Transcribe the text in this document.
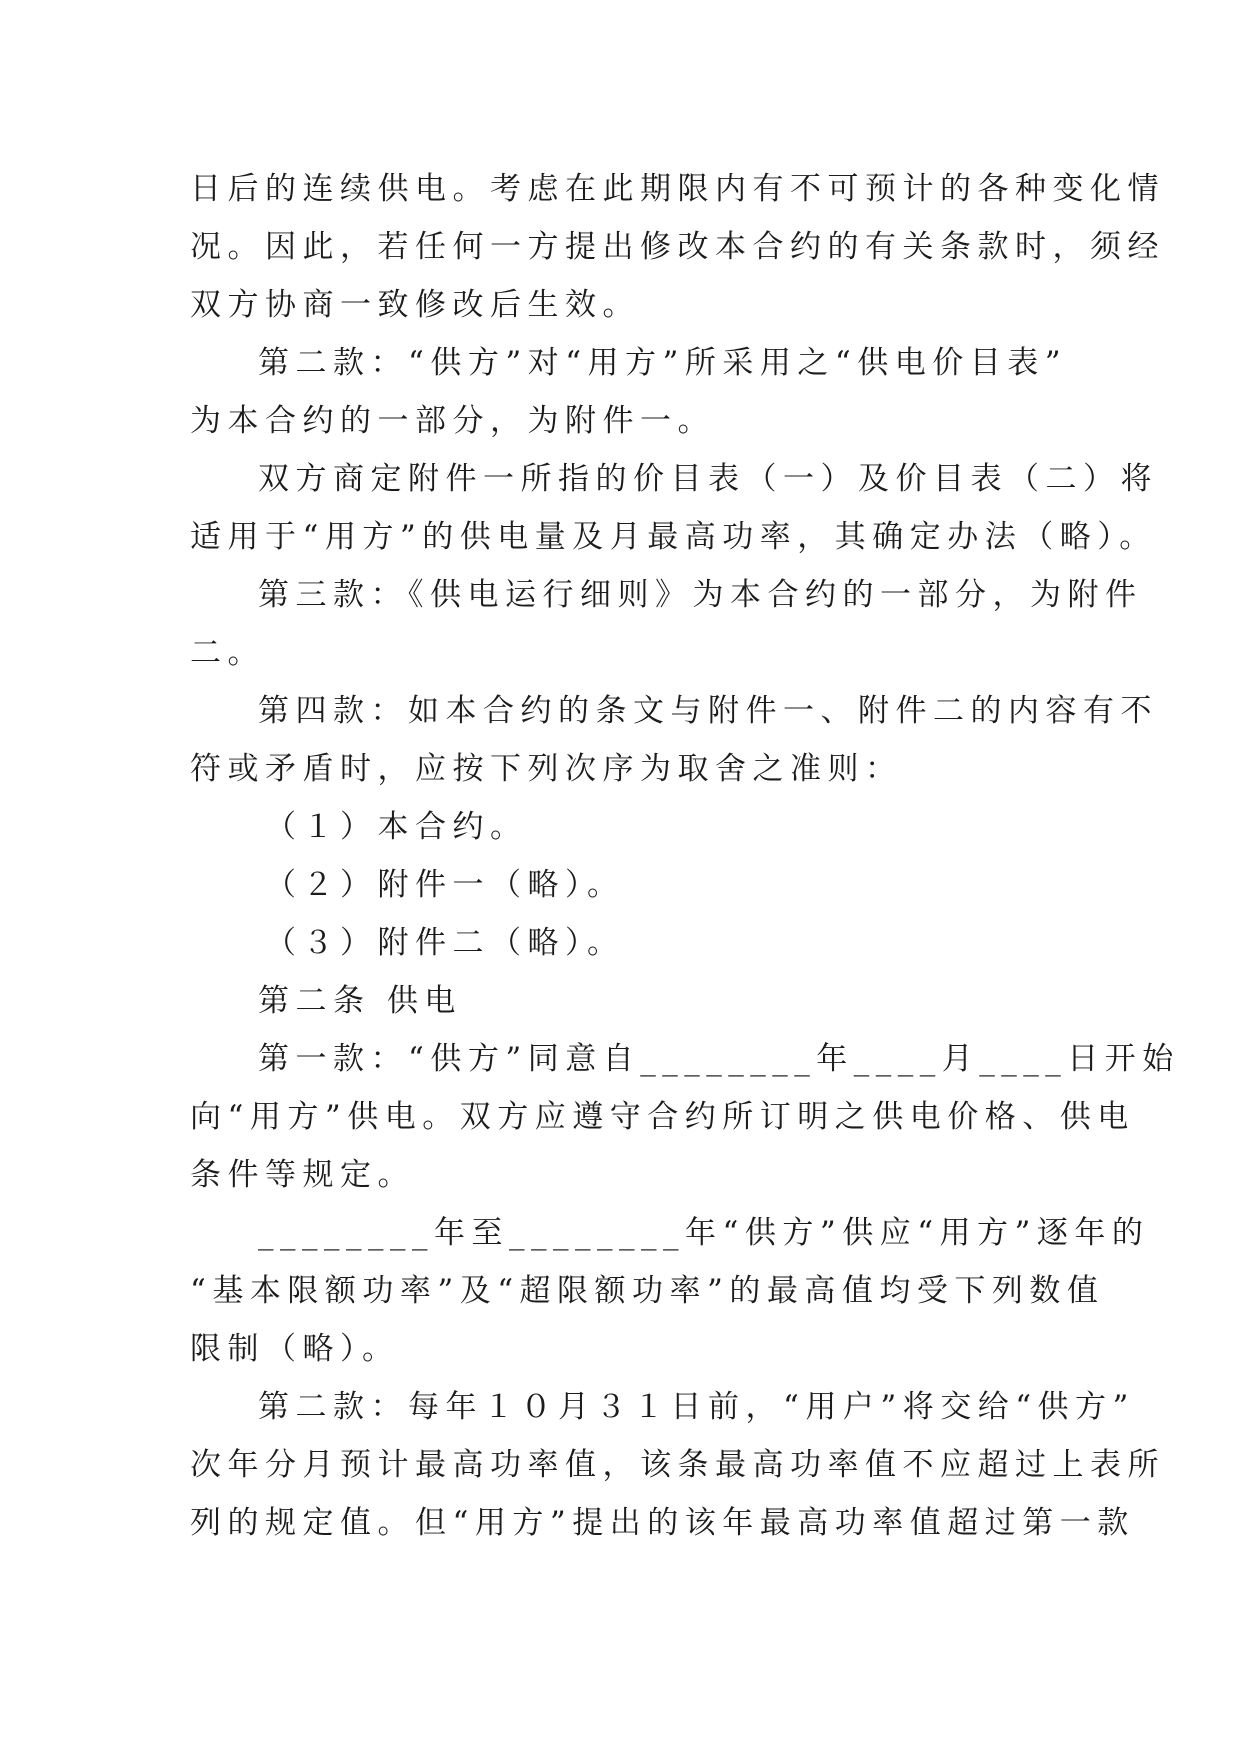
日后的连续供电。考虑在此期限内有不可预计的各种变化情
况。因此，若任何一方提出修改本合约的有关条款时，须经
双方协商一致修改后生效。
第二款：“供方”对“用方”所采用之“供电价目表”
为本合约的一部分，为附件一。
双方商定附件一所指的价目表（一）及价目表（二）将
适用于“用方”的供电量及月最高功率，其确定办法（略）。
第三款：《供电运行细则》为本合约的一部分，为附件
二。
第四款：如本合约的条文与附件一、附件二的内容有不
符或矛盾时，应按下列次序为取舍之准则：
（１）本合约。
（２）附件一（略）。
（３）附件二（略）。
第二条 供电
第一款：“供方”同意自________年____月____日开始
向“用方”供电。双方应遵守合约所订明之供电价格、供电
条件等规定。
________年至________年“供方”供应“用方”逐年的
“基本限额功率”及“超限额功率”的最高值均受下列数值
限制（略）。
第二款：每年１０月３１日前，“用户”将交给“供方”
次年分月预计最高功率值，该条最高功率值不应超过上表所
列的规定值。但“用方”提出的该年最高功率值超过第一款
